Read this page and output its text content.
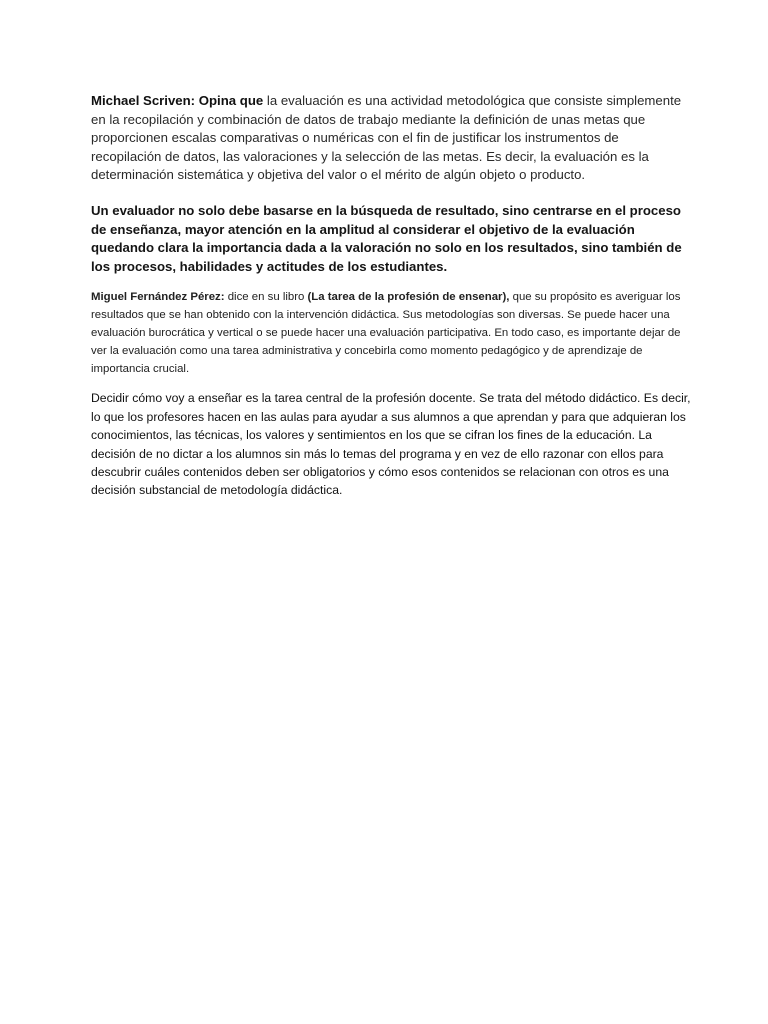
Michael Scriven: Opina que la evaluación es una actividad metodológica que consiste simplemente en la recopilación y combinación de datos de trabajo mediante la definición de unas metas que proporcionen escalas comparativas o numéricas con el fin de justificar los instrumentos de recopilación de datos, las valoraciones y la selección de las metas. Es decir, la evaluación es la determinación sistemática y objetiva del valor o el mérito de algún objeto o producto.

Un evaluador no solo debe basarse en la búsqueda de resultado, sino centrarse en el proceso de enseñanza, mayor atención en la amplitud al considerar el objetivo de la evaluación quedando clara la importancia dada a la valoración no solo en los resultados, sino también de los procesos, habilidades y actitudes de los estudiantes.

Miguel Fernández Pérez: dice en su libro (La tarea de la profesión de ensenar), que su propósito es averiguar los resultados que se han obtenido con la intervención didáctica. Sus metodologías son diversas. Se puede hacer una evaluación burocrática y vertical o se puede hacer una evaluación participativa. En todo caso, es importante dejar de ver la evaluación como una tarea administrativa y concebirla como momento pedagógico y de aprendizaje de importancia crucial.

Decidir cómo voy a enseñar es la tarea central de la profesión docente. Se trata del método didáctico. Es decir, lo que los profesores hacen en las aulas para ayudar a sus alumnos a que aprendan y para que adquieran los conocimientos, las técnicas, los valores y sentimientos en los que se cifran los fines de la educación. La decisión de no dictar a los alumnos sin más lo temas del programa y en vez de ello razonar con ellos para descubrir cuáles contenidos deben ser obligatorios y cómo esos contenidos se relacionan con otros es una decisión substancial de metodología didáctica.
